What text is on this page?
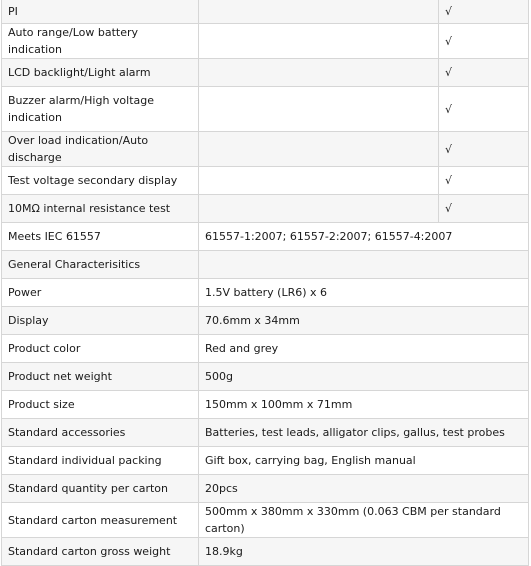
PI		√
Auto range/Low battery indication		√
LCD backlight/Light alarm		√
Buzzer alarm/High voltage indication		√
Over load indication/Auto discharge		√
Test voltage secondary display		√
10MΩ internal resistance test		√
Meets IEC 61557	61557-1:2007; 61557-2:2007; 61557-4:2007	
General Characterisitics		
Power	1.5V battery (LR6) x 6	
Display	70.6mm x 34mm	
Product color	Red and grey	
Product net weight	500g	
Product size	150mm x 100mm x 71mm	
Standard accessories	Batteries, test leads, alligator clips, gallus, test probes	
Standard individual packing	Gift box, carrying bag, English manual	
Standard quantity per carton	20pcs	
Standard carton measurement	500mm x 380mm x 330mm (0.063 CBM per standard carton)	
Standard carton gross weight	18.9kg	
